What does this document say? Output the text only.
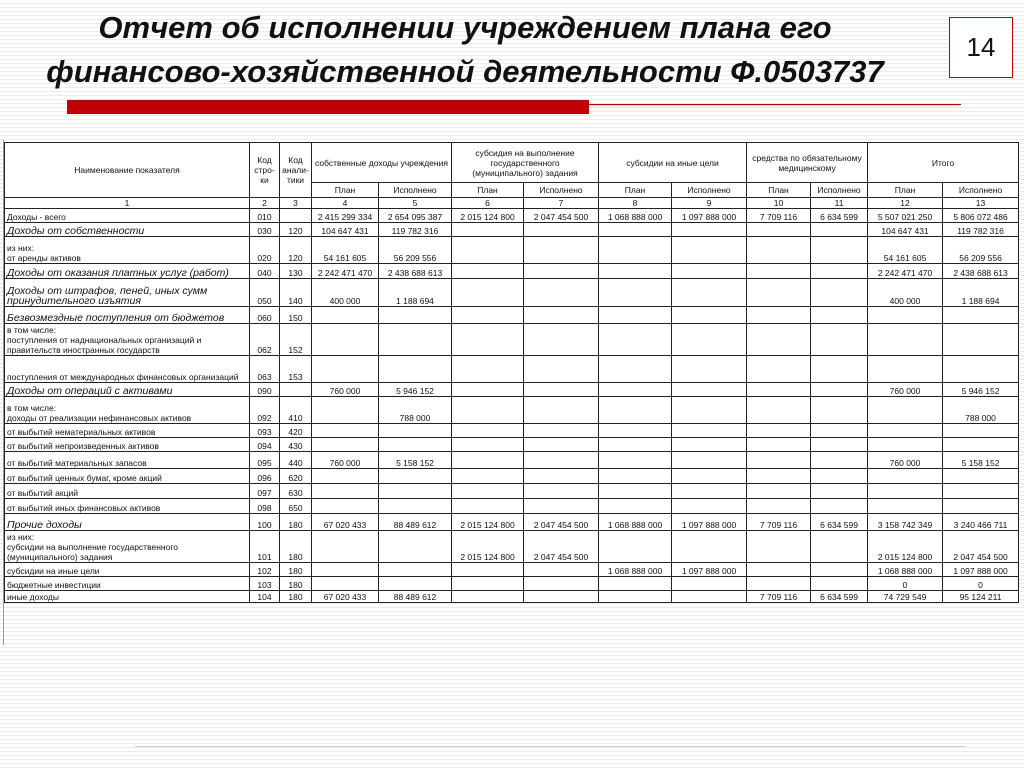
Отчет об исполнении учреждением плана его
финансово-хозяйственной деятельности Ф.0503737
14
Наименование показателя	Код стро-ки	Код анали-тики	собственные доходы учреждения		субсидия на выполнение государственного (муниципального) задания		субсидии на иные цели		средства по обязательному медицинскому		Итого	
			План	Исполнено	План	Исполнено	План	Исполнено	План	Исполнено	План	Исполнено
1	2	3	4	5	6	7	8	9	10	11	12	13
Доходы - всего	010		2 415 299 334	2 654 095 387	2 015 124 800	2 047 454 500	1 068 888 000	1 097 888 000	7 709 116	6 634 599	5 507 021 250	5 806 072 486
Доходы от собственности	030	120	104 647 431	119 782 316							104 647 431	119 782 316
из них:
от аренды активов	020	120	54 161 605	56 209 556							54 161 605	56 209 556
Доходы от оказания платных услуг (работ)	040	130	2 242 471 470	2 438 688 613							2 242 471 470	2 438 688 613
Доходы от штрафов, пеней, иных сумм принудительного изъятия	050	140	400 000	1 188 694							400 000	1 188 694
Безвозмездные поступления от бюджетов	060	150										
в том числе:
поступления от наднациональных организаций и правительств иностранных государств	062	152										
поступления от международных финансовых организаций	063	153										
Доходы от операций с активами	090		760 000	5 946 152							760 000	5 946 152
в том числе:
доходы от реализации нефинансовых активов	092	410		788 000								788 000
от выбытий нематериальных активов	093	420										
от выбытий непроизведенных активов	094	430										
от выбытий материальных запасов	095	440	760 000	5 158 152							760 000	5 158 152
от выбытий ценных бумаг, кроме акций	096	620										
от выбытий акций	097	630										
от выбытий иных финансовых активов	098	650										
Прочие доходы	100	180	67 020 433	88 489 612	2 015 124 800	2 047 454 500	1 068 888 000	1 097 888 000	7 709 116	6 634 599	3 158 742 349	3 240 466 711
из них:
субсидии на выполнение государственного (муниципального) задания	101	180			2 015 124 800	2 047 454 500					2 015 124 800	2 047 454 500
субсидии на иные цели	102	180					1 068 888 000	1 097 888 000			1 068 888 000	1 097 888 000
бюджетные инвестиции	103	180									0	0
иные доходы	104	180	67 020 433	88 489 612					7 709 116	6 634 599	74 729 549	95 124 211
